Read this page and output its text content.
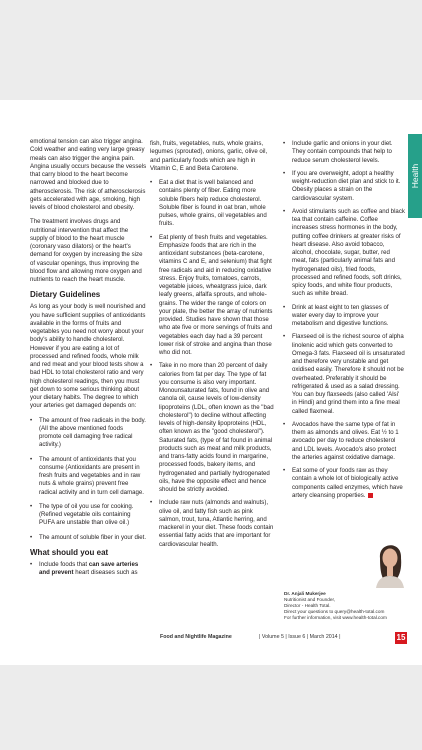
Health

emotional tension can also trigger angina. Cold weather and eating very large greasy meals can also trigger the angina pain. Angina usually occurs because the vessels that carry blood to the heart become narrowed and blocked due to atherosclerosis. The risk of atherosclerosis gets accelerated with age, smoking, high levels of blood cholesterol and obesity.

The treatment involves drugs and nutritional intervention that affect the supply of blood to the heart muscle (coronary vaso dilators) or the heart's demand for oxygen by increasing the size of vascular openings, thus improving the blood flow and allowing more oxygen and nutrients to reach the heart muscle.

Dietary Guidelines

As long as your body is well nourished and you have sufficient supplies of antioxidants available in the forms of fruits and vegetables you need not worry about your body's ability to handle cholesterol. However if you are eating a lot of processed and refined foods, whole milk and red meat and your blood tests show a bad HDL to total cholesterol ratio and very high cholesterol readings, then you must get down to some serious thinking about your dietary habits. The degree to which your arteries get damaged depends on:

• The amount of free radicals in the body. (All the above mentioned foods promote cell damaging free radical activity.)
• The amount of antioxidants that you consume (Antioxidants are present in fresh fruits and vegetables and in raw nuts & whole grains) prevent free radical activity and in turn cell damage.
• The type of oil you use for cooking. (Refined vegetable oils containing PUFA are unstable than olive oil.)
• The amount of soluble fiber in your diet.
What should you eat
• Include foods that can save arteries and prevent heart diseases such as

fish, fruits, vegetables, nuts, whole grains, legumes (sprouted), onions, garlic, olive oil, and particularly foods which are high in Vitamin C, E and Beta Carotene.

• Eat a diet that is well balanced and contains plenty of fiber. Eating more soluble fibers help reduce cholesterol. Soluble fiber is found in oat bran, whole pulses, whole grains, oil vegetables and fruits.
• Eat plenty of fresh fruits and vegetables. Emphasize foods that are rich in the antioxidant substances (beta-carotene, vitamins C and E, and selenium) that fight free radicals and aid in reducing oxidative stress. Enjoy fruits, tomatoes, carrots, vegetable juices, wheatgrass juice, dark leafy greens, alfalfa sprouts, and whole-grains. The wider the range of colors on your plate, the better the array of nutrients provided. Studies have shown that those who ate five or more servings of fruits and vegetables each day had a 39 percent lower risk of stroke and angina than those who did not.
• Take in no more than 20 percent of daily calories from fat per day. The type of fat you consume is also very important. Monounsaturated fats, found in olive and canola oil, cause levels of low-density lipoproteins (LDL, often known as the "bad cholesterol") to decline without affecting levels of high-density lipoproteins (HDL, often known as the "good cholesterol"). Saturated fats, (type of fat found in animal products such as meat and milk products, and trans-fatty acids found in margarine, processed foods, bakery items, and hydrogenated and partially hydrogenated oils, have the opposite effect and hence should be strictly avoided.
• Include raw nuts (almonds and walnuts), olive oil, and fatty fish such as pink salmon, trout, tuna, Atlantic herring, and mackerel in your diet. These foods contain essential fatty acids that are important for cardiovascular health.
• Include garlic and onions in your diet. They contain compounds that help to reduce serum cholesterol levels.
• If you are overweight, adopt a healthy weight-reduction diet plan and stick to it. Obesity places a strain on the cardiovascular system.
• Avoid stimulants such as coffee and black tea that contain caffeine. Coffee increases stress hormones in the body, putting coffee drinkers at greater risks of heart disease. Also avoid tobacco, alcohol, chocolate, sugar, butter, red meat, fats (particularly animal fats and hydrogenated oils), fried foods, processed and refined foods, soft drinks, spicy foods, and white flour products, such as white bread.
• Drink at least eight to ten glasses of water every day to improve your metabolism and digestive functions.
• Flaxseed oil is the richest source of alpha linolenic acid which gets converted to Omega-3 fats. Flaxseed oil is unsaturated and therefore very unstable and get oxidised easily. Therefore it should not be overheated. Preferably it should be refrigerated & used as a salad dressing. You can buy flaxseeds (also called 'Alsi' in Hindi) and grind them into a fine meal called flaxmeal.
• Avocados have the same type of fat in them as almonds and olives. Eat ½ to 1 avocado per day to reduce cholesterol and LDL levels. Avocado's also protect the arteries against oxidative damage.
• Eat some of your foods raw as they contain a whole lot of biologically active components called enzymes, which have artery cleansing properties.
Dr. Anjali Mukerjee
Nutritionist and Founder,
Director - Health Total.
Direct your questions to query@health-total.com
For further information, visit www.health-total.com
Food and Nightlife Magazine	| Volume 5 | Issue 6 | March 2014 |	15
